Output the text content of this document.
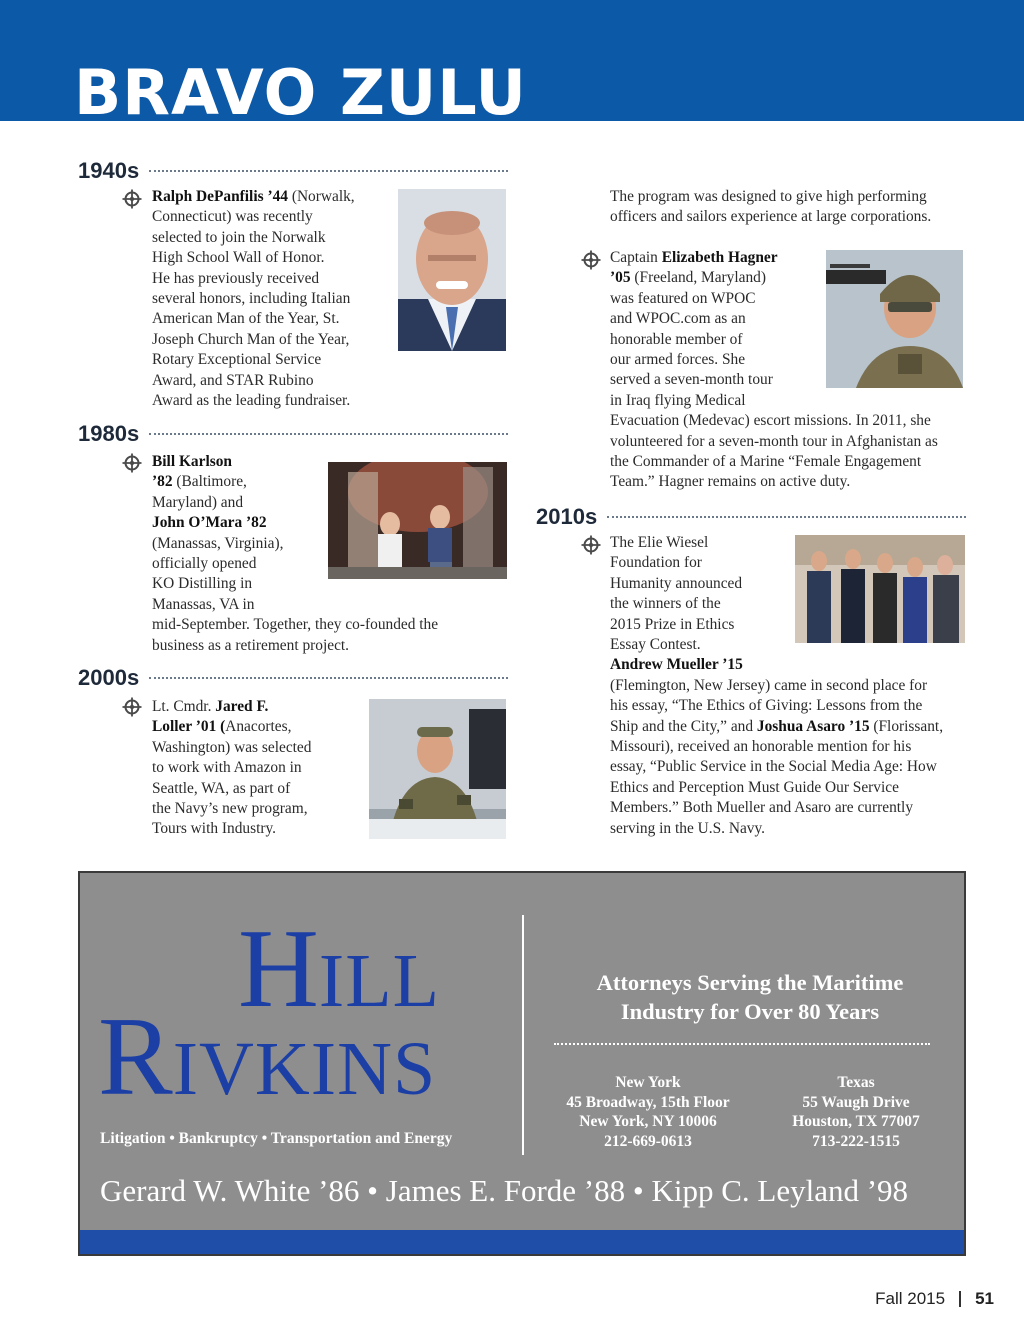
BRAVO ZULU
1940s
1980s
2000s
2010s
Ralph DePanfilis ’44 (Norwalk,
Connecticut) was recently
selected to join the Norwalk
High School Wall of Honor.
He has previously received
several honors, including Italian
American Man of the Year, St.
Joseph Church Man of the Year,
Rotary Exceptional Service
Award, and STAR Rubino
Award as the leading fundraiser.
Bill Karlson
’82 (Baltimore,
Maryland) and
John O’Mara ’82
(Manassas, Virginia),
officially opened
KO Distilling in
Manassas, VA in
mid-September. Together, they co-founded the
business as a retirement project.
Lt. Cmdr. Jared F.
Loller ’01 (Anacortes,
Washington) was selected
to work with Amazon in
Seattle, WA, as part of
the Navy’s new program,
Tours with Industry.
The program was designed to give high performing
officers and sailors experience at large corporations.
Captain Elizabeth Hagner
’05 (Freeland, Maryland)
was featured on WPOC
and WPOC.com as an
honorable member of
our armed forces. She
served a seven-month tour
in Iraq flying Medical
Evacuation (Medevac) escort missions. In 2011, she
volunteered for a seven-month tour in Afghanistan as
the Commander of a Marine “Female Engagement
Team.” Hagner remains on active duty.
The Elie Wiesel
Foundation for
Humanity announced
the winners of the
2015 Prize in Ethics
Essay Contest.
Andrew Mueller ’15
(Flemington, New Jersey) came in second place for
his essay, “The Ethics of Giving: Lessons from the
Ship and the City,” and Joshua Asaro ’15 (Florissant,
Missouri), received an honorable mention for his
essay, “Public Service in the Social Media Age: How
Ethics and Perception Must Guide Our Service
Members.” Both Mueller and Asaro are currently
serving in the U.S. Navy.
HILL
RIVKINS
Litigation • Bankruptcy • Transportation and Energy
Attorneys Serving the Maritime
Industry for Over 80 Years
New York
45 Broadway, 15th Floor
New York, NY 10006
212-669-0613
Texas
55 Waugh Drive
Houston, TX 77007
713-222-1515
Gerard W. White ’86 • James E. Forde ’88 • Kipp C. Leyland ’98
Fall 2015 51
